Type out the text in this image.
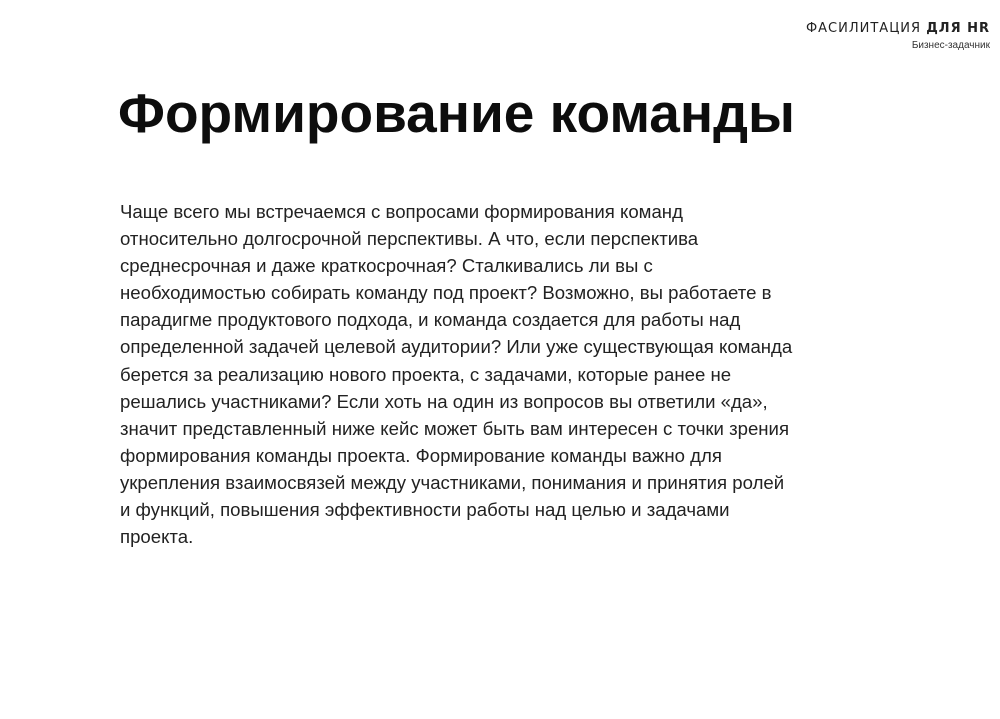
ФАСИЛИТАЦИЯ ДЛЯ HR
Бизнес-задачник
Формирование команды

Чаще всего мы встречаемся с вопросами формирования команд
относительно долгосрочной перспективы. А что, если перспектива
среднесрочная и даже краткосрочная? Сталкивались ли вы с
необходимостью собирать команду под проект? Возможно, вы работаете в
парадигме продуктового подхода, и команда создается для работы над
определенной задачей целевой аудитории? Или уже существующая команда
берется за реализацию нового проекта, с задачами, которые ранее не
решались участниками? Если хоть на один из вопросов вы ответили «да»,
значит представленный ниже кейс может быть вам интересен с точки зрения
формирования команды проекта. Формирование команды важно для
укрепления взаимосвязей между участниками, понимания и принятия ролей
и функций, повышения эффективности работы над целью и задачами
проекта.
